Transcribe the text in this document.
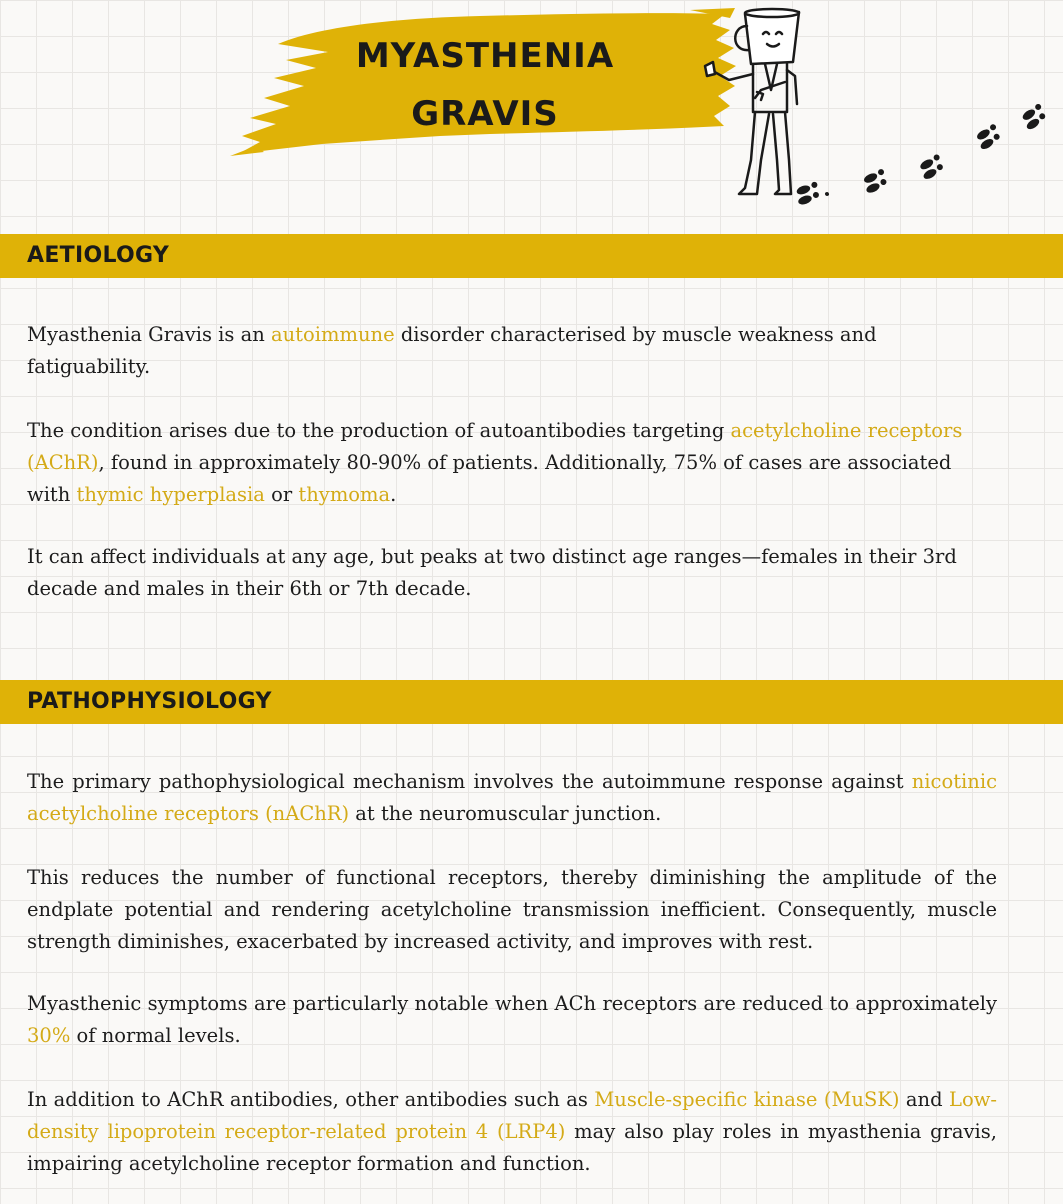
MYASTHENIA
GRAVIS
AETIOLOGY

Myasthenia Gravis is an autoimmune disorder characterised by muscle weakness and fatiguability.

The condition arises due to the production of autoantibodies targeting acetylcholine receptors (AChR), found in approximately 80-90% of patients. Additionally, 75% of cases are associated with thymic hyperplasia or thymoma.

It can affect individuals at any age, but peaks at two distinct age ranges—females in their 3rd decade and males in their 6th or 7th decade.

PATHOPHYSIOLOGY

The primary pathophysiological mechanism involves the autoimmune response against nicotinic acetylcholine receptors (nAChR) at the neuromuscular junction.

This reduces the number of functional receptors, thereby diminishing the amplitude of the endplate potential and rendering acetylcholine transmission inefficient. Consequently, muscle strength diminishes, exacerbated by increased activity, and improves with rest.

Myasthenic symptoms are particularly notable when ACh receptors are reduced to approximately 30% of normal levels.

In addition to AChR antibodies, other antibodies such as Muscle-specific kinase (MuSK) and Low-density lipoprotein receptor-related protein 4 (LRP4) may also play roles in myasthenia gravis, impairing acetylcholine receptor formation and function.
